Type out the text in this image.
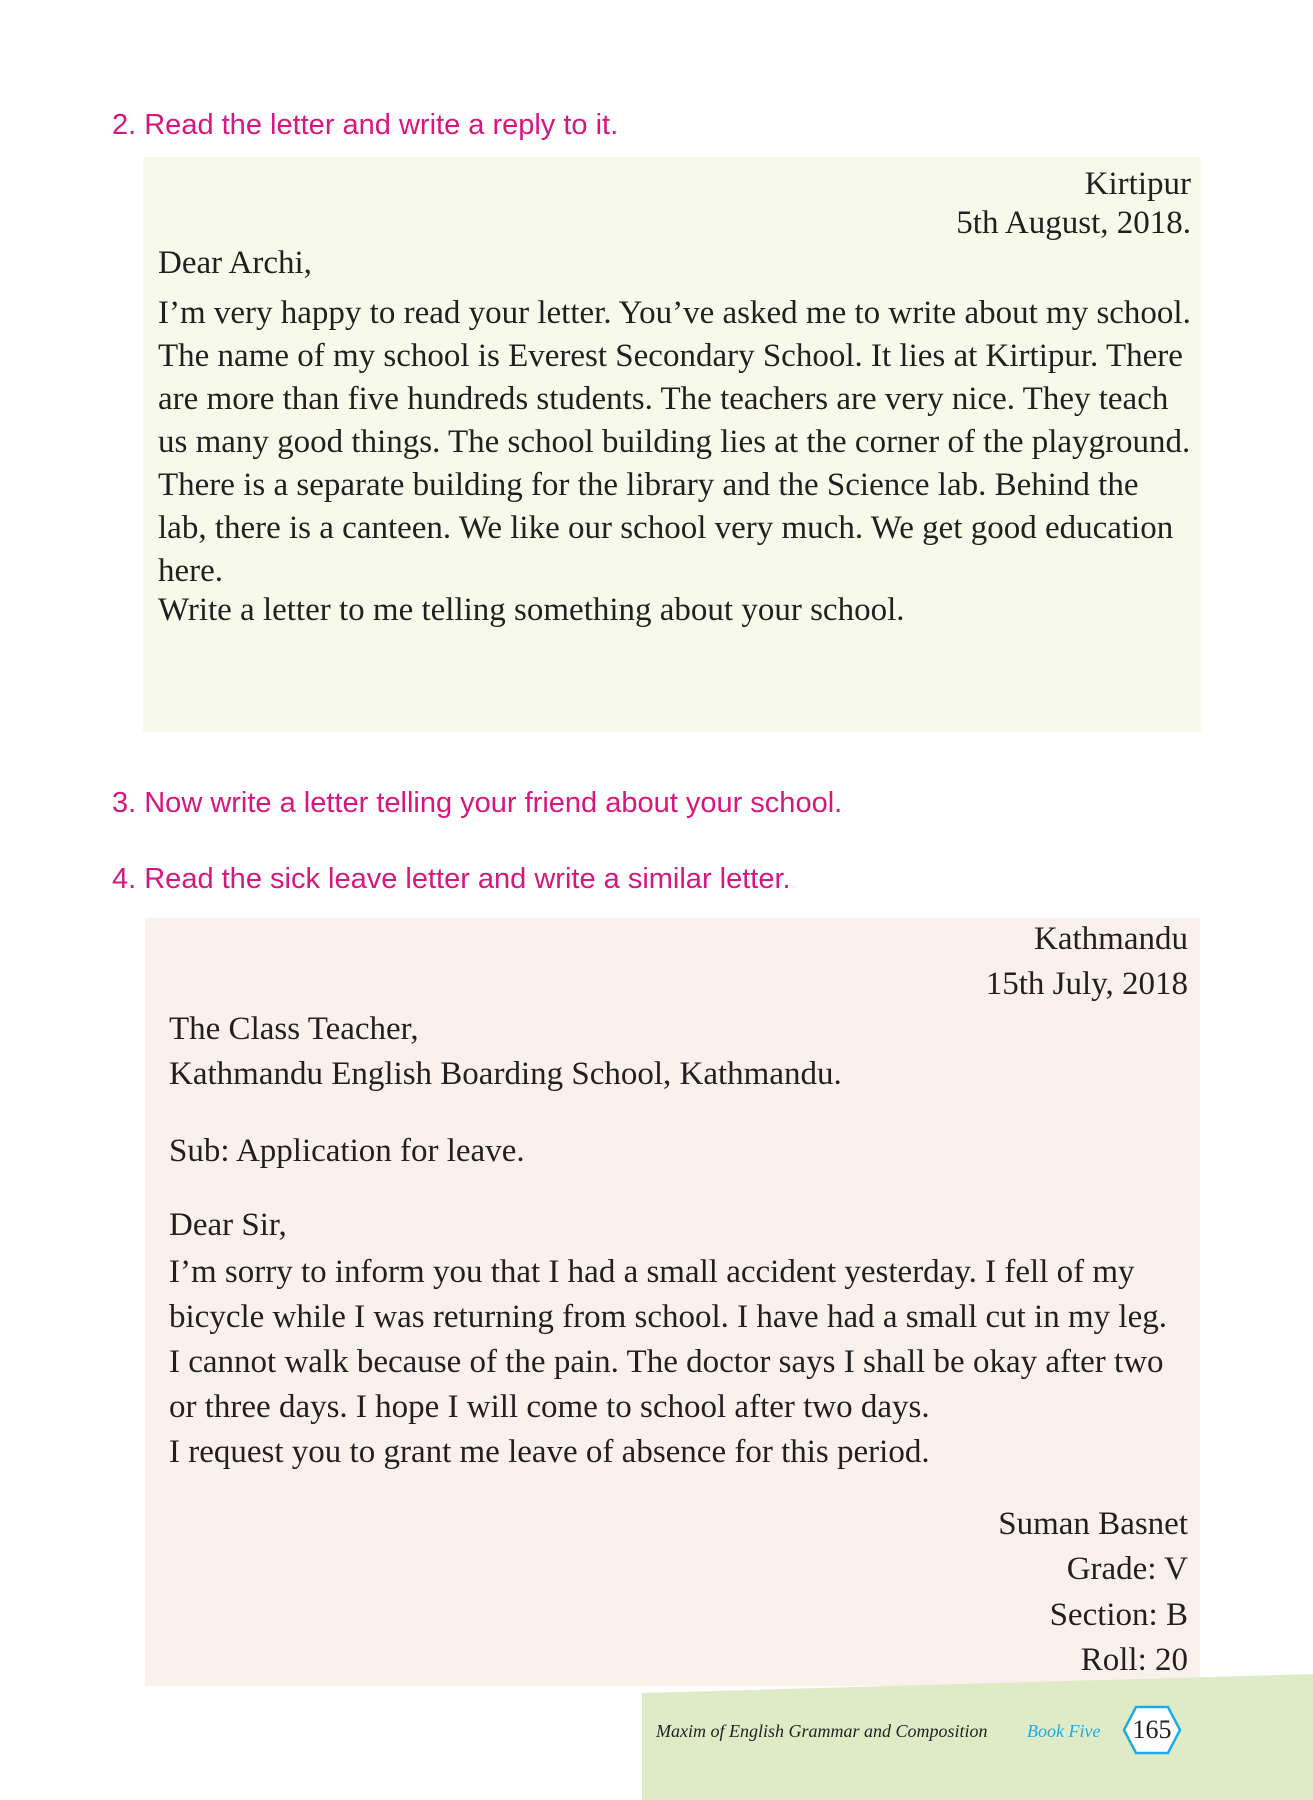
2. Read the letter and write a reply to it.
Kirtipur
5th August, 2018.
Dear Archi,
I’m very happy to read your letter. You’ve asked me to write about my school.
The name of my school is Everest Secondary School. It lies at Kirtipur. There
are more than five hundreds students. The teachers are very nice. They teach
us many good things. The school building lies at the corner of the playground.
There is a separate building for the library and the Science lab. Behind the
lab, there is a canteen. We like our school very much. We get good education
here.
Write a letter to me telling something about your school.
3. Now write a letter telling your friend about your school.
4. Read the sick leave letter and write a similar letter.
Kathmandu
15th July, 2018
The Class Teacher,
Kathmandu English Boarding School, Kathmandu.
Sub: Application for leave.
Dear Sir,
I’m sorry to inform you that I had a small accident yesterday. I fell of my
bicycle while I was returning from school. I have had a small cut in my leg.
I cannot walk because of the pain. The doctor says I shall be okay after two
or three days. I hope I will come to school after two days.
I request you to grant me leave of absence for this period.
Suman Basnet
Grade: V
Section: B
Roll: 20
Maxim of English Grammar and Composition Book Five	165
